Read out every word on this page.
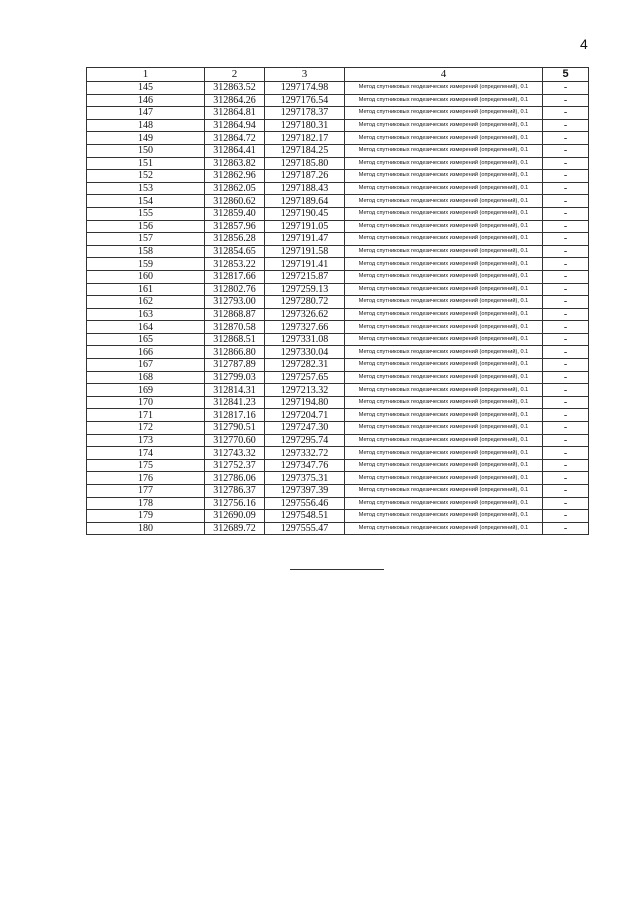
4
1	2	3	4	5
145	312863.52	1297174.98	Метод спутниковых геодезических измерений (определений), 0.1	-
146	312864.26	1297176.54	Метод спутниковых геодезических измерений (определений), 0.1	-
147	312864.81	1297178.37	Метод спутниковых геодезических измерений (определений), 0.1	-
148	312864.94	1297180.31	Метод спутниковых геодезических измерений (определений), 0.1	-
149	312864.72	1297182.17	Метод спутниковых геодезических измерений (определений), 0.1	-
150	312864.41	1297184.25	Метод спутниковых геодезических измерений (определений), 0.1	-
151	312863.82	1297185.80	Метод спутниковых геодезических измерений (определений), 0.1	-
152	312862.96	1297187.26	Метод спутниковых геодезических измерений (определений), 0.1	-
153	312862.05	1297188.43	Метод спутниковых геодезических измерений (определений), 0.1	-
154	312860.62	1297189.64	Метод спутниковых геодезических измерений (определений), 0.1	-
155	312859.40	1297190.45	Метод спутниковых геодезических измерений (определений), 0.1	-
156	312857.96	1297191.05	Метод спутниковых геодезических измерений (определений), 0.1	-
157	312856.28	1297191.47	Метод спутниковых геодезических измерений (определений), 0.1	-
158	312854.65	1297191.58	Метод спутниковых геодезических измерений (определений), 0.1	-
159	312853.22	1297191.41	Метод спутниковых геодезических измерений (определений), 0.1	-
160	312817.66	1297215.87	Метод спутниковых геодезических измерений (определений), 0.1	-
161	312802.76	1297259.13	Метод спутниковых геодезических измерений (определений), 0.1	-
162	312793.00	1297280.72	Метод спутниковых геодезических измерений (определений), 0.1	-
163	312868.87	1297326.62	Метод спутниковых геодезических измерений (определений), 0.1	-
164	312870.58	1297327.66	Метод спутниковых геодезических измерений (определений), 0.1	-
165	312868.51	1297331.08	Метод спутниковых геодезических измерений (определений), 0.1	-
166	312866.80	1297330.04	Метод спутниковых геодезических измерений (определений), 0.1	-
167	312787.89	1297282.31	Метод спутниковых геодезических измерений (определений), 0.1	-
168	312799.03	1297257.65	Метод спутниковых геодезических измерений (определений), 0.1	-
169	312814.31	1297213.32	Метод спутниковых геодезических измерений (определений), 0.1	-
170	312841.23	1297194.80	Метод спутниковых геодезических измерений (определений), 0.1	-
171	312817.16	1297204.71	Метод спутниковых геодезических измерений (определений), 0.1	-
172	312790.51	1297247.30	Метод спутниковых геодезических измерений (определений), 0.1	-
173	312770.60	1297295.74	Метод спутниковых геодезических измерений (определений), 0.1	-
174	312743.32	1297332.72	Метод спутниковых геодезических измерений (определений), 0.1	-
175	312752.37	1297347.76	Метод спутниковых геодезических измерений (определений), 0.1	-
176	312786.06	1297375.31	Метод спутниковых геодезических измерений (определений), 0.1	-
177	312786.37	1297397.39	Метод спутниковых геодезических измерений (определений), 0.1	-
178	312756.16	1297556.46	Метод спутниковых геодезических измерений (определений), 0.1	-
179	312690.09	1297548.51	Метод спутниковых геодезических измерений (определений), 0.1	-
180	312689.72	1297555.47	Метод спутниковых геодезических измерений (определений), 0.1	-
